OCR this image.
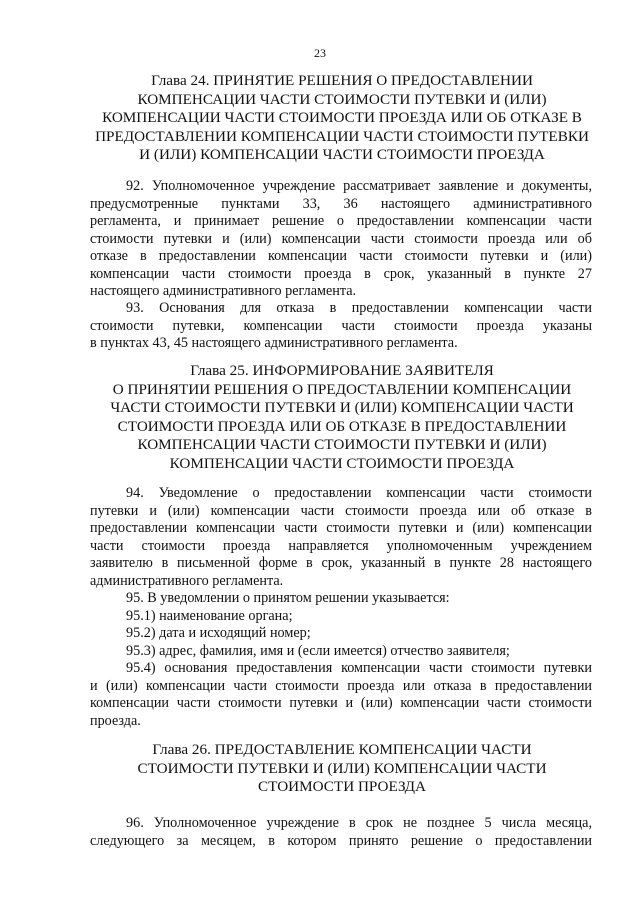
23
Глава 24. ПРИНЯТИЕ РЕШЕНИЯ О ПРЕДОСТАВЛЕНИИ
КОМПЕНСАЦИИ ЧАСТИ СТОИМОСТИ ПУТЕВКИ И (ИЛИ)
КОМПЕНСАЦИИ ЧАСТИ СТОИМОСТИ ПРОЕЗДА ИЛИ ОБ ОТКАЗЕ В
ПРЕДОСТАВЛЕНИИ КОМПЕНСАЦИИ ЧАСТИ СТОИМОСТИ ПУТЕВКИ
И (ИЛИ) КОМПЕНСАЦИИ ЧАСТИ СТОИМОСТИ ПРОЕЗДА
92. Уполномоченное учреждение рассматривает заявление и документы,
предусмотренные пунктами 33, 36 настоящего административного
регламента, и принимает решение о предоставлении компенсации части
стоимости путевки и (или) компенсации части стоимости проезда или об
отказе в предоставлении компенсации части стоимости путевки и (или)
компенсации части стоимости проезда в срок, указанный в пункте 27
настоящего административного регламента.
93. Основания для отказа в предоставлении компенсации части
стоимости путевки, компенсации части стоимости проезда указаны
в пунктах 43, 45 настоящего административного регламента.
Глава 25. ИНФОРМИРОВАНИЕ ЗАЯВИТЕЛЯ
О ПРИНЯТИИ РЕШЕНИЯ О ПРЕДОСТАВЛЕНИИ КОМПЕНСАЦИИ
ЧАСТИ СТОИМОСТИ ПУТЕВКИ И (ИЛИ) КОМПЕНСАЦИИ ЧАСТИ
СТОИМОСТИ ПРОЕЗДА ИЛИ ОБ ОТКАЗЕ В ПРЕДОСТАВЛЕНИИ
КОМПЕНСАЦИИ ЧАСТИ СТОИМОСТИ ПУТЕВКИ И (ИЛИ)
КОМПЕНСАЦИИ ЧАСТИ СТОИМОСТИ ПРОЕЗДА
94. Уведомление о предоставлении компенсации части стоимости
путевки и (или) компенсации части стоимости проезда или об отказе в
предоставлении компенсации части стоимости путевки и (или) компенсации
части стоимости проезда направляется уполномоченным учреждением
заявителю в письменной форме в срок, указанный в пункте 28 настоящего
административного регламента.
95. В уведомлении о принятом решении указывается:
95.1) наименование органа;
95.2) дата и исходящий номер;
95.3) адрес, фамилия, имя и (если имеется) отчество заявителя;
95.4) основания предоставления компенсации части стоимости путевки
и (или) компенсации части стоимости проезда или отказа в предоставлении
компенсации части стоимости путевки и (или) компенсации части стоимости
проезда.
Глава 26. ПРЕДОСТАВЛЕНИЕ КОМПЕНСАЦИИ ЧАСТИ
СТОИМОСТИ ПУТЕВКИ И (ИЛИ) КОМПЕНСАЦИИ ЧАСТИ
СТОИМОСТИ ПРОЕЗДА
96. Уполномоченное учреждение в срок не позднее 5 числа месяца,
следующего за месяцем, в котором принято решение о предоставлении
